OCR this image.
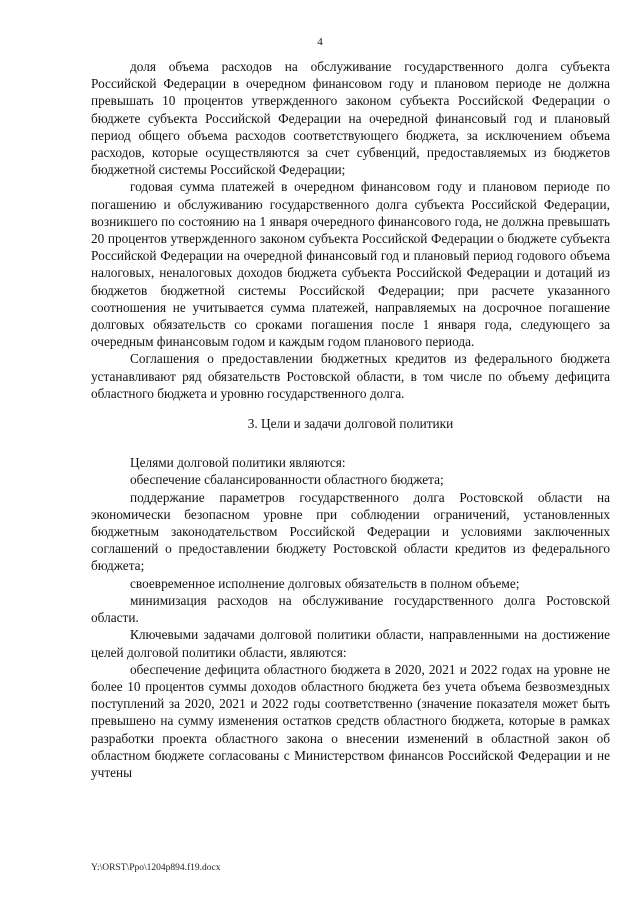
4

доля объема расходов на обслуживание государственного долга субъекта Российской Федерации в очередном финансовом году и плановом периоде не должна превышать 10 процентов утвержденного законом субъекта Российской Федерации о бюджете субъекта Российской Федерации на очередной финансовый год и плановый период общего объема расходов соответствующего бюджета, за исключением объема расходов, которые осуществляются за счет субвенций, предоставляемых из бюджетов бюджетной системы Российской Федерации;

годовая сумма платежей в очередном финансовом году и плановом периоде по погашению и обслуживанию государственного долга субъекта Российской Федерации, возникшего по состоянию на 1 января очередного финансового года, не должна превышать 20 процентов утвержденного законом субъекта Российской Федерации о бюджете субъекта Российской Федерации на очередной финансовый год и плановый период годового объема налоговых, неналоговых доходов бюджета субъекта Российской Федерации и дотаций из бюджетов бюджетной системы Российской Федерации; при расчете указанного соотношения не учитывается сумма платежей, направляемых на досрочное погашение долговых обязательств со сроками погашения после 1 января года, следующего за очередным финансовым годом и каждым годом планового периода.

Соглашения о предоставлении бюджетных кредитов из федерального бюджета устанавливают ряд обязательств Ростовской области, в том числе по объему дефицита областного бюджета и уровню государственного долга.

3. Цели и задачи долговой политики

Целями долговой политики являются:

обеспечение сбалансированности областного бюджета;

поддержание параметров государственного долга Ростовской области на экономически безопасном уровне при соблюдении ограничений, установленных бюджетным законодательством Российской Федерации и условиями заключенных соглашений о предоставлении бюджету Ростовской области кредитов из федерального бюджета;

своевременное исполнение долговых обязательств в полном объеме;

минимизация расходов на обслуживание государственного долга Ростовской области.

Ключевыми задачами долговой политики области, направленными на достижение целей долговой политики области, являются:

обеспечение дефицита областного бюджета в 2020, 2021 и 2022 годах на уровне не более 10 процентов суммы доходов областного бюджета без учета объема безвозмездных поступлений за 2020, 2021 и 2022 годы соответственно (значение показателя может быть превышено на сумму изменения остатков средств областного бюджета, которые в рамках разработки проекта областного закона о внесении изменений в областной закон об областном бюджете согласованы с Министерством финансов Российской Федерации и не учтены

Y:\ORST\Ppo\1204p894.f19.docx
